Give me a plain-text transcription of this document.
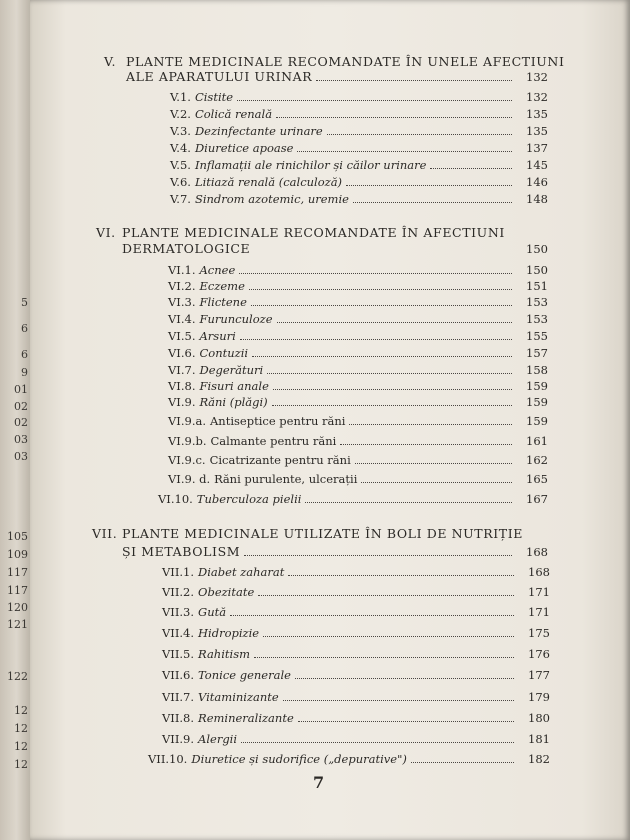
5
6
6
9
01
02
02
03
03
105
109
117
117
120
121
122
12
12
12
12
V. PLANTE MEDICINALE RECOMANDATE ÎN UNELE AFECTIUNI
ALE APARATULUI URINAR	132
V.1. Cistite	132
V.2. Colică renală	135
V.3. Dezinfectante urinare	135
V.4. Diuretice apoase	137
V.5. Inflamații ale rinichilor și căilor urinare	145
V.6. Litiază renală (calculoză)	146
V.7. Sindrom azotemic, uremie	148
VI. PLANTE MEDICINALE RECOMANDATE ÎN AFECTIUNI
DERMATOLOGICE	150
VI.1. Acnee	150
VI.2. Eczeme	151
VI.3. Flictene	153
VI.4. Furunculoze	153
VI.5. Arsuri	155
VI.6. Contuzii	157
VI.7. Degerături	158
VI.8. Fisuri anale	159
VI.9. Răni (plăgi)	159
VI.9.a. Antiseptice pentru răni	159
VI.9.b. Calmante pentru răni	161
VI.9.c. Cicatrizante pentru răni	162
VI.9. d. Răni purulente, ulcerații	165
VI.10. Tuberculoza pielii	167
VII. PLANTE MEDICINALE UTILIZATE ÎN BOLI DE NUTRIȚIE
ȘI METABOLISM	168
VII.1. Diabet zaharat	168
VII.2. Obezitate	171
VII.3. Gută	171
VII.4. Hidropizie	175
VII.5. Rahitism	176
VII.6. Tonice generale	177
VII.7. Vitaminizante	179
VII.8. Remineralizante	180
VII.9. Alergii	181
VII.10. Diuretice și sudorifice („depurative")	182
7
